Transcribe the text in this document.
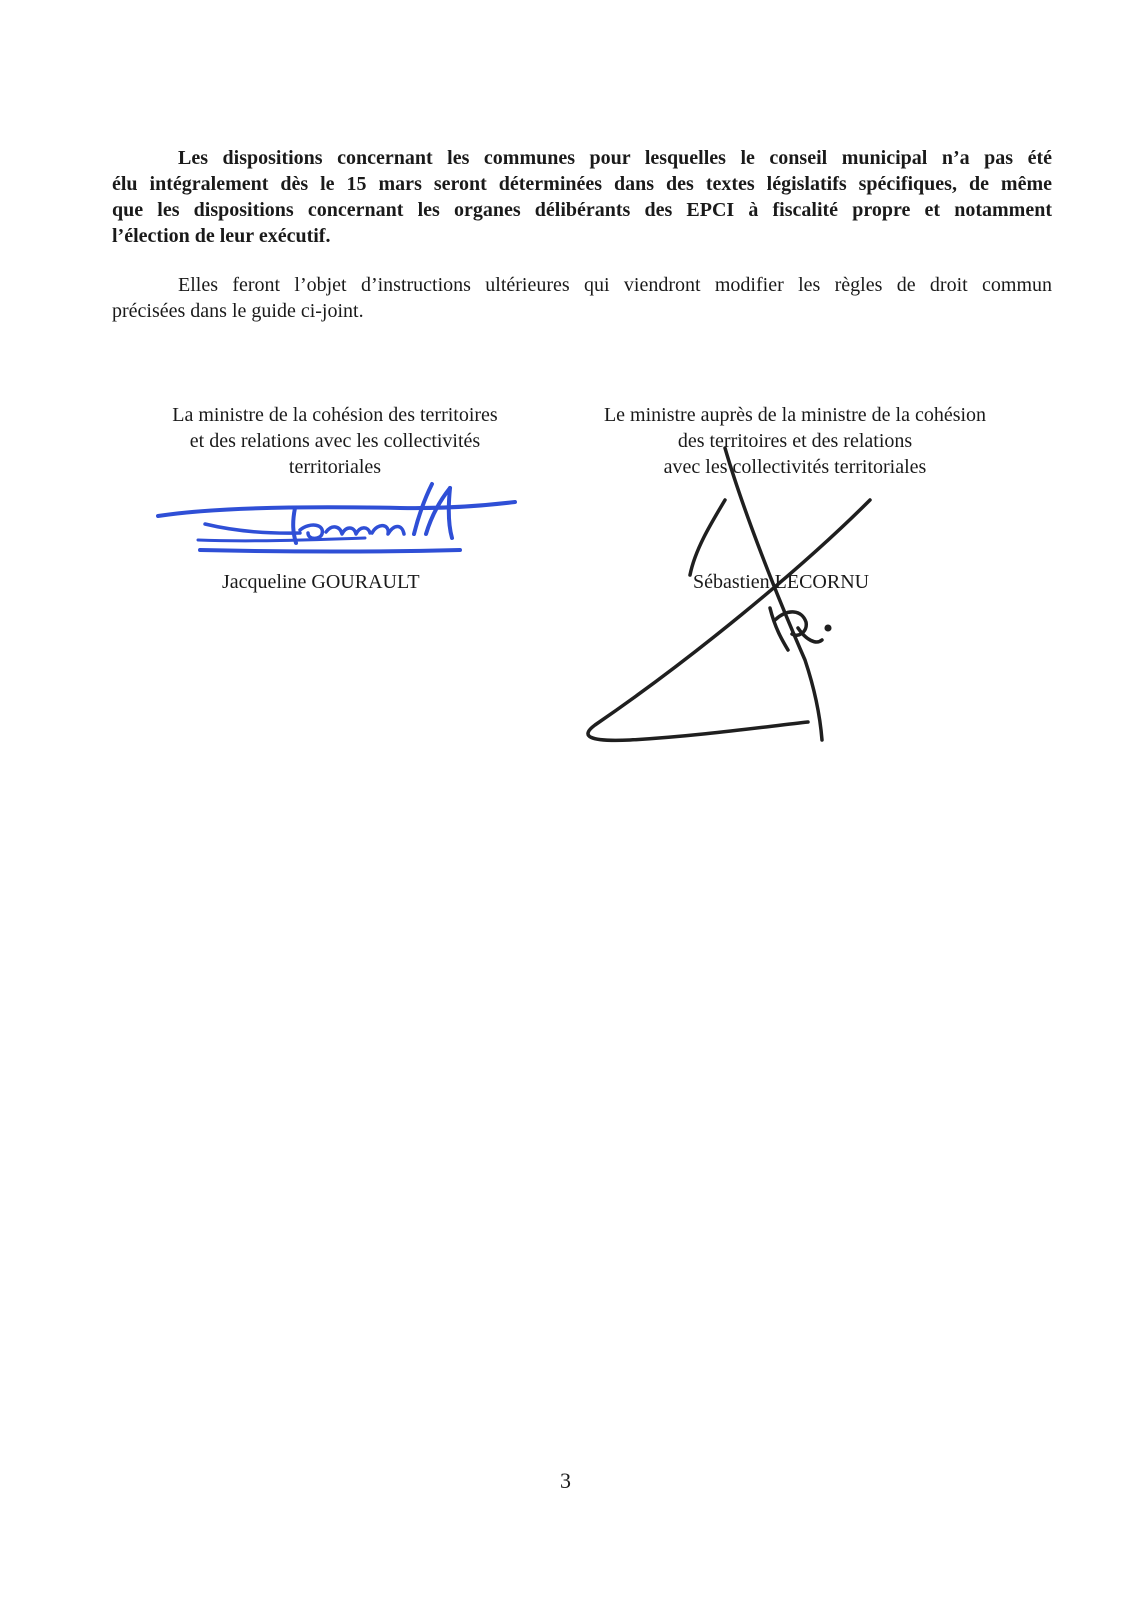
Les dispositions concernant les communes pour lesquelles le conseil municipal n’a pas été
élu intégralement dès le 15 mars seront déterminées dans des textes législatifs spécifiques, de même
que les dispositions concernant les organes délibérants des EPCI à fiscalité propre et notamment
l’élection de leur exécutif.
Elles feront l’objet d’instructions ultérieures qui viendront modifier les règles de droit commun
précisées dans le guide ci-joint.
La ministre de la cohésion des territoires
et des relations avec les collectivités
territoriales
Le ministre auprès de la ministre de la cohésion
des territoires et des relations
avec les collectivités territoriales
Jacqueline GOURAULT	Sébastien LECORNU
3
